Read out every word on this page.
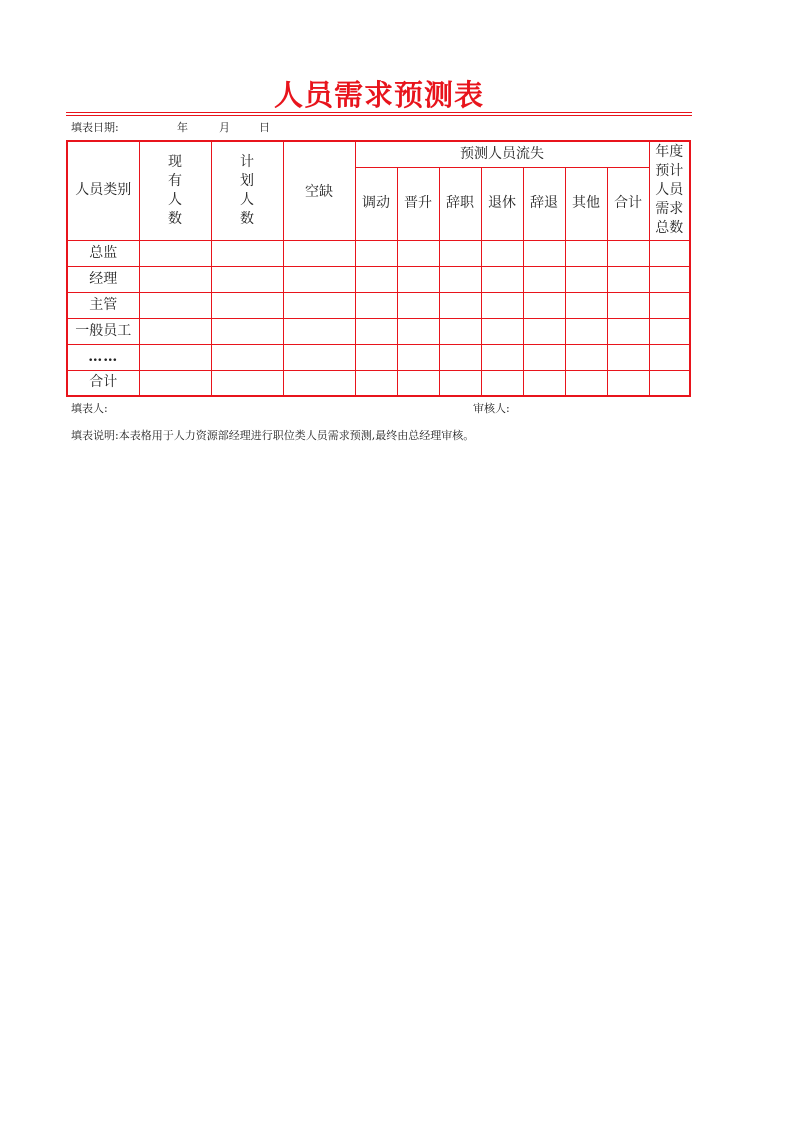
人员需求预测表
填表日期:	年	月	日
人员类别	现有人数	计划人数	空缺	预测人员流失							年度预计人员需求总数
				调动	晋升	辞职	退休	辞退	其他	合计	
总监											
经理											
主管											
一般员工											
……											
合计											
填表人:	审核人:
填表说明:本表格用于人力资源部经理进行职位类人员需求预测,最终由总经理审核。
